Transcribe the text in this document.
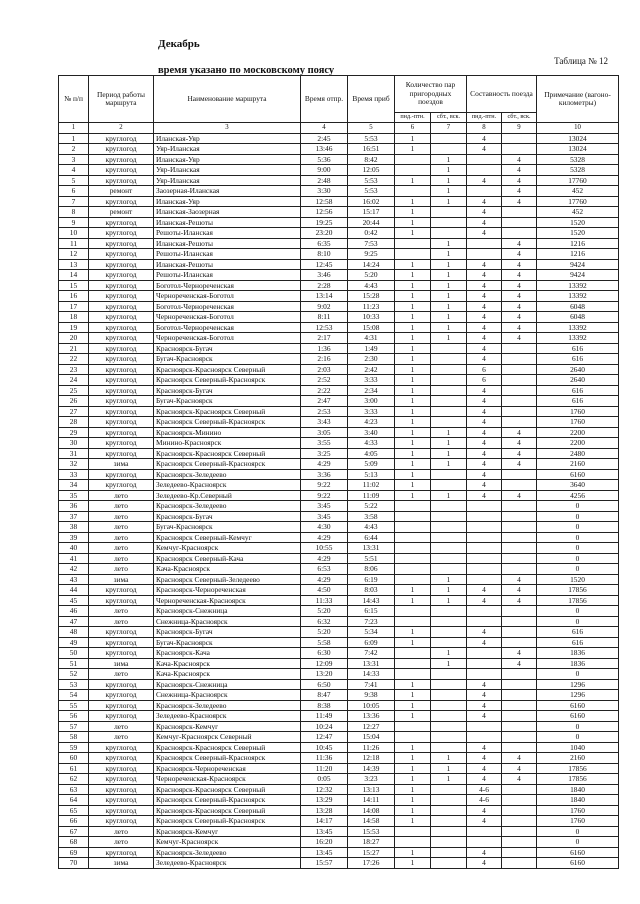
Декабрь
Таблица № 12
время указано по московскому поясу
№ п/п	Период работы маршрута	Наименование маршрута	Время отпр.	Время приб	Количество пар пригородных поездов		Составность поезда		Примечание (вагоно-километры)
					пнд.-птн.	сбт., вск.	пнд.-птн.	сбт., вск.	
1	2	3	4	5	6	7	8	9	10
1	круглогод	Иланская-Уяр	2:45	5:53	1		4		13024
2	круглогод	Уяр-Иланская	13:46	16:51	1		4		13024
3	круглогод	Иланская-Уяр	5:36	8:42		1		4	5328
4	круглогод	Уяр-Иланская	9:00	12:05		1		4	5328
5	круглогод	Уяр-Иланская	2:48	5:53	1	1	4	4	17760
6	ремонт	Заозерная-Иланская	3:30	5:53		1		4	452
7	круглогод	Иланская-Уяр	12:58	16:02	1	1	4	4	17760
8	ремонт	Иланская-Заозерная	12:56	15:17	1		4		452
9	круглогод	Иланская-Решоты	19:25	20:44	1		4		1520
10	круглогод	Решоты-Иланская	23:20	0:42	1		4		1520
11	круглогод	Иланская-Решоты	6:35	7:53		1		4	1216
12	круглогод	Решоты-Иланская	8:10	9:25		1		4	1216
13	круглогод	Иланская-Решоты	12:45	14:24	1	1	4	4	9424
14	круглогод	Решоты-Иланская	3:46	5:20	1	1	4	4	9424
15	круглогод	Боготол-Чернореченская	2:28	4:43	1	1	4	4	13392
16	круглогод	Чернореченская-Боготол	13:14	15:28	1	1	4	4	13392
17	круглогод	Боготол-Чернореченская	9:02	11:23	1	1	4	4	6048
18	круглогод	Чернореченская-Боготол	8:11	10:33	1	1	4	4	6048
19	круглогод	Боготол-Чернореченская	12:53	15:08	1	1	4	4	13392
20	круглогод	Чернореченская-Боготол	2:17	4:31	1	1	4	4	13392
21	круглогод	Красноярск-Бугач	1:36	1:49	1		4		616
22	круглогод	Бугач-Красноярск	2:16	2:30	1		4		616
23	круглогод	Красноярск-Красноярск Северный	2:03	2:42	1		6		2640
24	круглогод	Красноярск Северный-Красноярск	2:52	3:33	1		6		2640
25	круглогод	Красноярск-Бугач	2:22	2:34	1		4		616
26	круглогод	Бугач-Красноярск	2:47	3:00	1		4		616
27	круглогод	Красноярск-Красноярск Северный	2:53	3:33	1		4		1760
28	круглогод	Красноярск Северный-Красноярск	3:43	4:23	1		4		1760
29	круглогод	Красноярск-Минино	3:05	3:40	1	1	4	4	2200
30	круглогод	Минино-Красноярск	3:55	4:33	1	1	4	4	2200
31	круглогод	Красноярск-Красноярск Северный	3:25	4:05	1	1	4	4	2480
32	зима	Красноярск Северный-Красноярск	4:29	5:09	1	1	4	4	2160
33	круглогод	Красноярск-Зеледеево	3:36	5:13	1		4		6160
34	круглогод	Зеледеево-Красноярск	9:22	11:02	1		4		3640
35	лето	Зеледеево-Кр.Северный	9:22	11:09	1	1	4	4	4256
36	лето	Красноярск-Зеледеево	3:45	5:22					0
37	лето	Красноярск-Бугач	3:45	3:58					0
38	лето	Бугач-Красноярск	4:30	4:43					0
39	лето	Красноярск Северный-Кемчуг	4:29	6:44					0
40	лето	Кемчуг-Красноярск	10:55	13:31					0
41	лето	Красноярск Северный-Кача	4:29	5:51					0
42	лето	Кача-Красноярск	6:53	8:06					0
43	зима	Красноярск Северный-Зеледеево	4:29	6:19		1		4	1520
44	круглогод	Красноярск-Чернореченская	4:50	8:03	1	1	4	4	17856
45	круглогод	Чернореченская-Красноярск	11:33	14:43	1	1	4	4	17856
46	лето	Красноярск-Снежница	5:20	6:15					0
47	лето	Снежница-Красноярск	6:32	7:23					0
48	круглогод	Красноярск-Бугач	5:20	5:34	1		4		616
49	круглогод	Бугач-Красноярск	5:58	6:09	1		4		616
50	круглогод	Красноярск-Кача	6:30	7:42		1		4	1836
51	зима	Кача-Красноярск	12:09	13:31		1		4	1836
52	лето	Кача-Красноярск	13:20	14:33					0
53	круглогод	Красноярск-Снежница	6:50	7:41	1		4		1296
54	круглогод	Снежница-Красноярск	8:47	9:38	1		4		1296
55	круглогод	Красноярск-Зеледеево	8:38	10:05	1		4		6160
56	круглогод	Зеледеево-Красноярск	11:49	13:36	1		4		6160
57	лето	Красноярск-Кемчуг	10:24	12:27					0
58	лето	Кемчуг-Красноярск Северный	12:47	15:04					0
59	круглогод	Красноярск-Красноярск Северный	10:45	11:26	1		4		1040
60	круглогод	Красноярск Северный-Красноярск	11:36	12:18	1	1	4	4	2160
61	круглогод	Красноярск-Чернореченская	11:20	14:39	1	1	4	4	17856
62	круглогод	Чернореченская-Красноярск	0:05	3:23	1	1	4	4	17856
63	круглогод	Красноярск-Красноярск Северный	12:32	13:13	1		4-6		1840
64	круглогод	Красноярск Северный-Красноярск	13:29	14:11	1		4-6		1840
65	круглогод	Красноярск-Красноярск Северный	13:28	14:08	1		4		1760
66	круглогод	Красноярск Северный-Красноярск	14:17	14:58	1		4		1760
67	лето	Красноярск-Кемчуг	13:45	15:53					0
68	лето	Кемчуг-Красноярск	16:20	18:27					0
69	круглогод	Красноярск-Зеледеево	13:45	15:27	1		4		6160
70	зима	Зеледеево-Красноярск	15:57	17:26	1		4		6160
